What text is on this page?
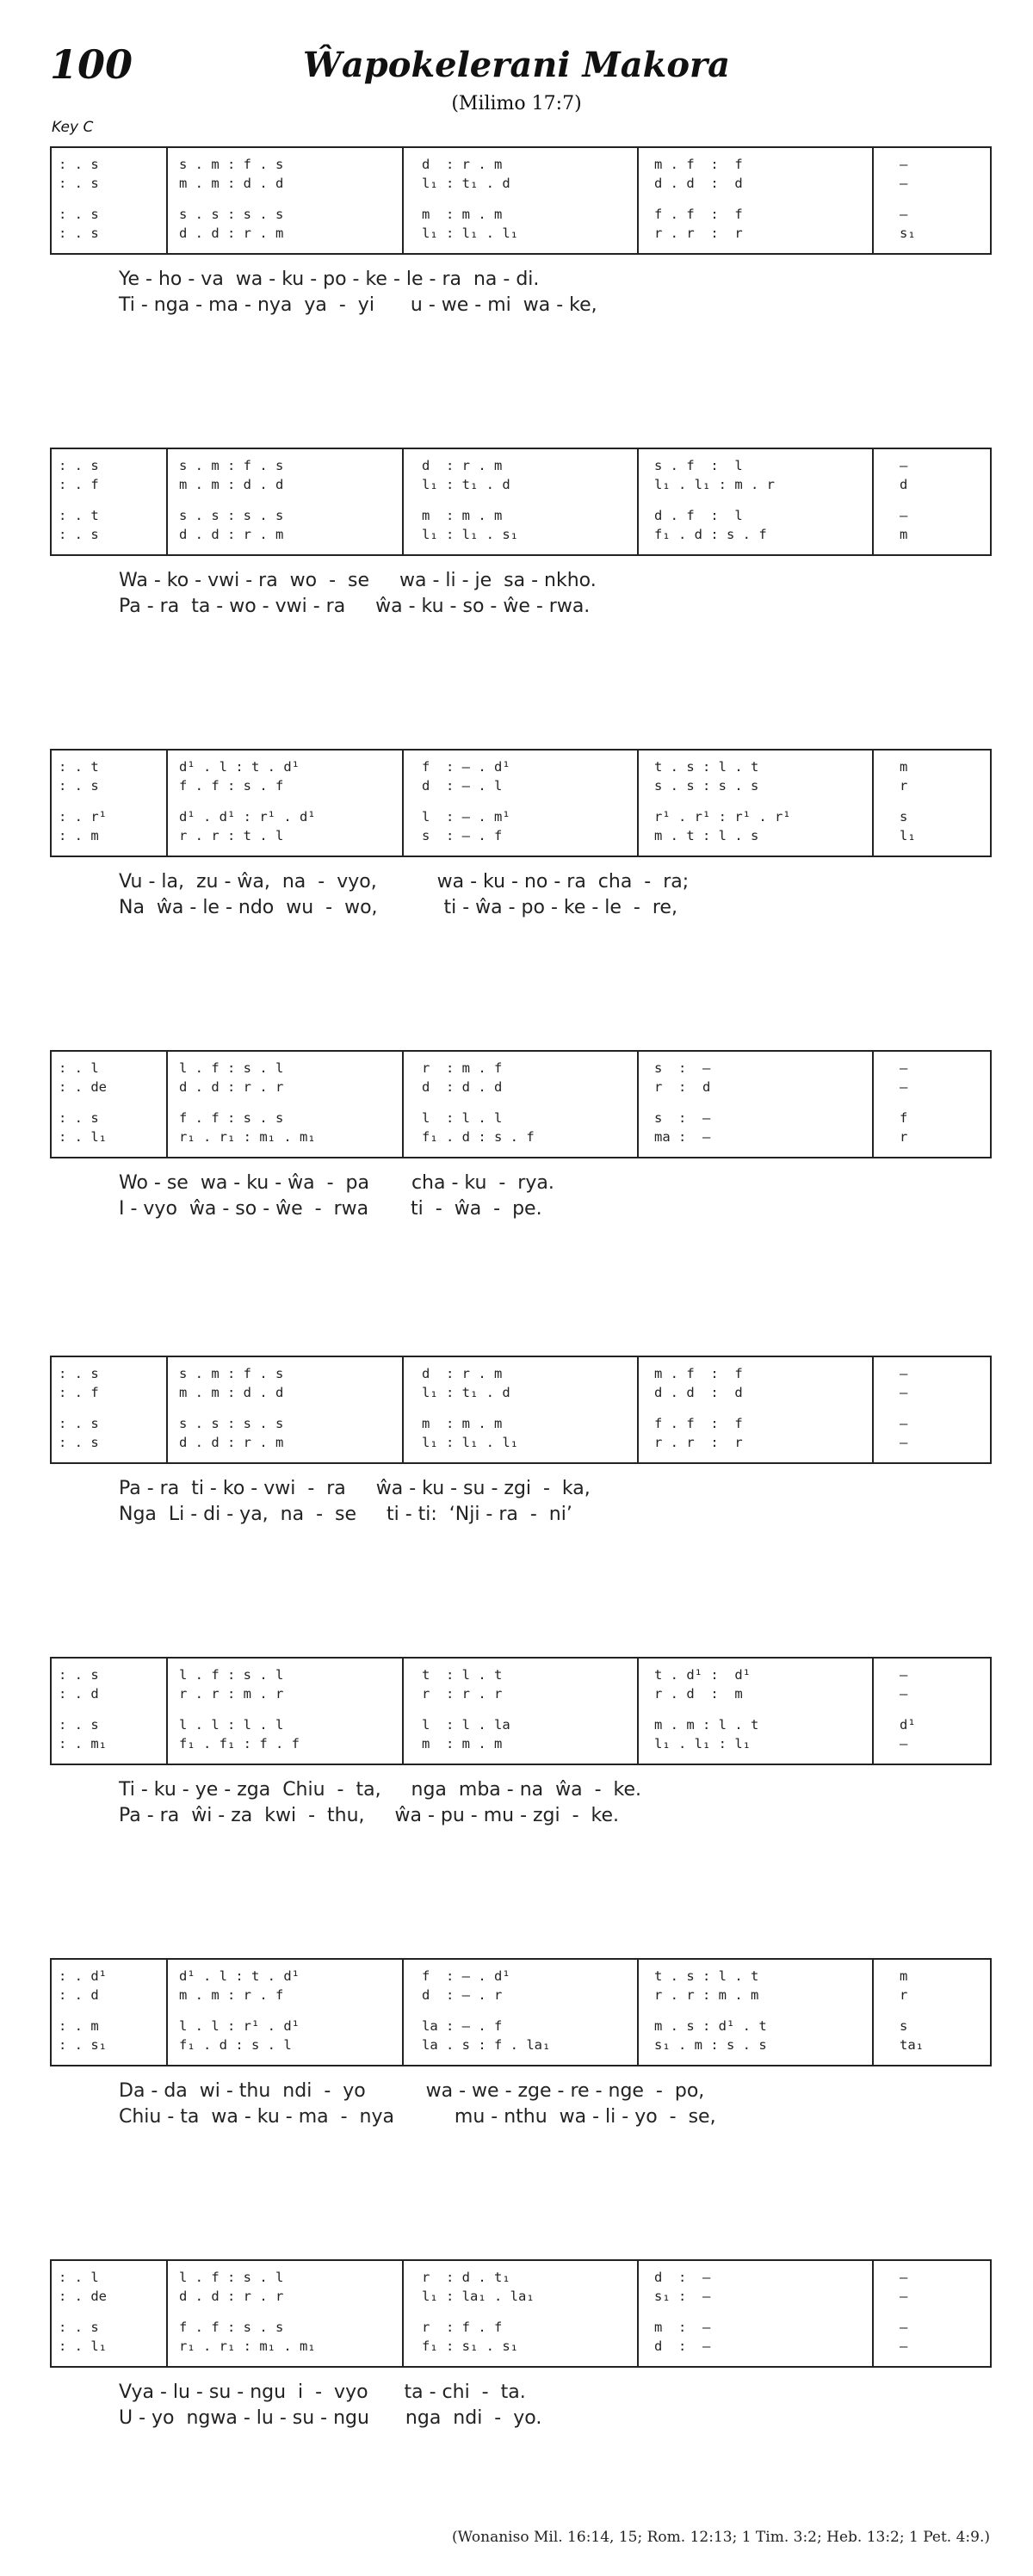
100	Ŵapokelerani Makora
(Milimo 17:7)
Key C
: . s	s . m : f . s	d  : r . m	m . f  :  f	—
: . s	m . m : d . d	l₁ : t₁ . d	d . d  :  d	—
: . s	s . s : s . s	m  : m . m	f . f  :  f	—
: . s	d . d : r . m	l₁ : l₁ . l₁	r . r  :  r	s₁
Ye - ho - va  wa - ku - po - ke - le - ra  na - di.
Ti - nga - ma - nya  ya  -  yi      u - we - mi  wa - ke,
: . s	s . m : f . s	d  : r . m	s . f  :  l	—
: . f	m . m : d . d	l₁ : t₁ . d	l₁ . l₁ : m . r	d
: . t	s . s : s . s	m  : m . m	d . f  :  l	—
: . s	d . d : r . m	l₁ : l₁ . s₁	f₁ . d : s . f	m
Wa - ko - vwi - ra  wo  -  se     wa - li - je  sa - nkho.
Pa - ra  ta - wo - vwi - ra     ŵa - ku - so - ŵe - rwa.
: . t	d¹ . l : t . d¹	f  : – . d¹	t . s : l . t	m
: . s	f . f : s . f	d  : – . l	s . s : s . s	r
: . r¹	d¹ . d¹ : r¹ . d¹	l  : – . m¹	r¹ . r¹ : r¹ . r¹	s
: . m	r . r : t . l	s  : – . f	m . t : l . s	l₁
Vu - la,  zu - ŵa,  na  -  vyo,          wa - ku - no - ra  cha  -  ra;
Na  ŵa - le - ndo  wu  -  wo,           ti - ŵa - po - ke - le  -  re,
: . l	l . f : s . l	r  : m . f	s  :  —	—
: . de	d . d : r . r	d  : d . d	r  :  d	—
: . s	f . f : s . s	l  : l . l	s  :  —	f
: . l₁	r₁ . r₁ : m₁ . m₁	f₁ . d : s . f	ma :  —	r
Wo - se  wa - ku - ŵa  -  pa       cha - ku  -  rya.
I - vyo  ŵa - so - ŵe  -  rwa       ti  -  ŵa  -  pe.
: . s	s . m : f . s	d  : r . m	m . f  :  f	—
: . f	m . m : d . d	l₁ : t₁ . d	d . d  :  d	—
: . s	s . s : s . s	m  : m . m	f . f  :  f	—
: . s	d . d : r . m	l₁ : l₁ . l₁	r . r  :  r	—
Pa - ra  ti - ko - vwi  -  ra     ŵa - ku - su - zgi  -  ka,
Nga  Li - di - ya,  na  -  se     ti - ti:  ‘Nji - ra  -  ni’
: . s	l . f : s . l	t  : l . t	t . d¹ :  d¹	—
: . d	r . r : m . r	r  : r . r	r . d  :  m	—
: . s	l . l : l . l	l  : l . la	m . m : l . t	d¹
: . m₁	f₁ . f₁ : f . f	m  : m . m	l₁ . l₁ : l₁	—
Ti - ku - ye - zga  Chiu  -  ta,     nga  mba - na  ŵa  -  ke.
Pa - ra  ŵi - za  kwi  -  thu,     ŵa - pu - mu - zgi  -  ke.
: . d¹	d¹ . l : t . d¹	f  : – . d¹	t . s : l . t	m
: . d	m . m : r . f	d  : – . r	r . r : m . m	r
: . m	l . l : r¹ . d¹	la : – . f	m . s : d¹ . t	s
: . s₁	f₁ . d : s . l	la . s : f . la₁	s₁ . m : s . s	ta₁
Da - da  wi - thu  ndi  -  yo          wa - we - zge - re - nge  -  po,
Chiu - ta  wa - ku - ma  -  nya          mu - nthu  wa - li - yo  -  se,
: . l	l . f : s . l	r  : d . t₁	d  :  —	—
: . de	d . d : r . r	l₁ : la₁ . la₁	s₁ :  —	—
: . s	f . f : s . s	r  : f . f	m  :  —	—
: . l₁	r₁ . r₁ : m₁ . m₁	f₁ : s₁ . s₁	d  :  —	—
Vya - lu - su - ngu  i  -  vyo      ta - chi  -  ta.
U - yo  ngwa - lu - su - ngu      nga  ndi  -  yo.
(Wonaniso Mil. 16:14, 15; Rom. 12:13; 1 Tim. 3:2; Heb. 13:2; 1 Pet. 4:9.)
